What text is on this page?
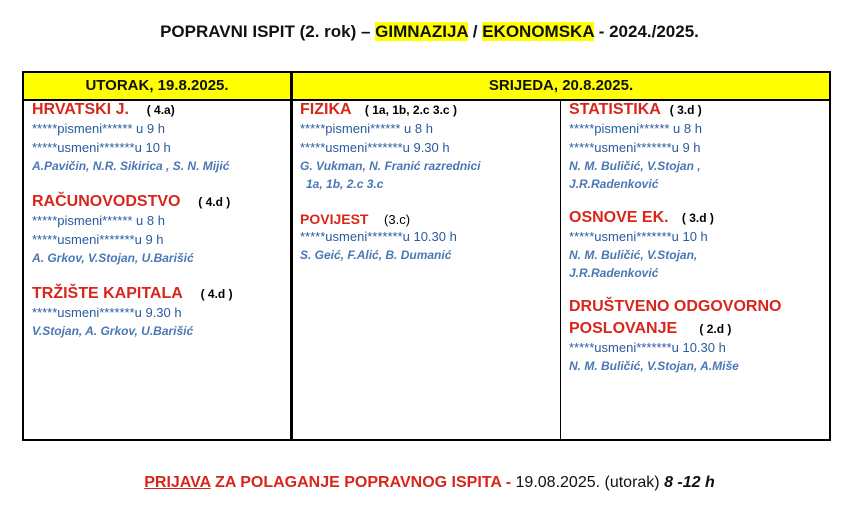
POPRAVNI ISPIT (2. rok) – GIMNAZIJA / EKONOMSKA - 2024./2025.
UTORAK, 19.8.2025.	SRIJEDA, 20.8.2025.
HRVATSKI J. ( 4.a)
*****pismeni****** u 9 h
*****usmeni*******u 10 h
A.Pavičin, N.R. Sikirica , S. N. Mijić
RAČUNOVODSTVO ( 4.d )
*****pismeni****** u 8 h
*****usmeni*******u 9 h
A. Grkov, V.Stojan, U.Barišić
TRŽIŠTE KAPITALA ( 4.d )
*****usmeni*******u 9.30 h
V.Stojan, A. Grkov, U.Barišić
FIZIKA ( 1a, 1b, 2.c 3.c )
*****pismeni****** u 8 h
*****usmeni*******u 9.30 h
G. Vukman, N. Franić razrednici
1a, 1b, 2.c 3.c
POVIJEST (3.c)
*****usmeni*******u 10.30 h
S. Geić, F.Alić, B. Dumanić
STATISTIKA ( 3.d )
*****pismeni****** u 8 h
*****usmeni*******u 9 h
N. M. Buličić, V.Stojan ,
J.R.Radenković
OSNOVE EK. ( 3.d )
*****usmeni*******u 10 h
N. M. Buličić, V.Stojan,
J.R.Radenković
DRUŠTVENO ODGOVORNO
POSLOVANJE ( 2.d )
*****usmeni*******u 10.30 h
N. M. Buličić, V.Stojan, A.Miše
PRIJAVA ZA POLAGANJE POPRAVNOG ISPITA - 19.08.2025. (utorak) 8 -12 h
